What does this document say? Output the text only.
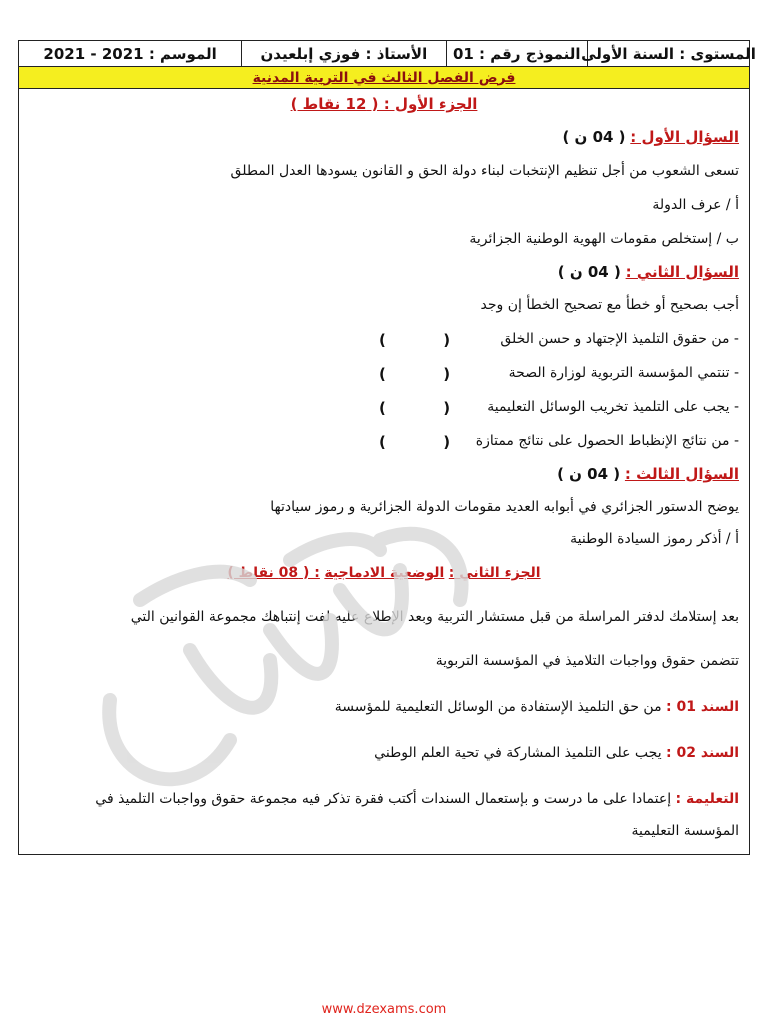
المستوى : السنة الأولى
النموذج رقم : 01
الأستاذ : فوزي إبلعيدن
الموسم : 2021 - 2021
فرض الفصل الثالث في التربية المدنية
الجزء الأول : ( 12 نقاط )
السؤال الأول : ( 04 ن )
تسعى الشعوب من أجل تنظيم الإنتخبات لبناء دولة الحق و القانون يسودها العدل المطلق
أ / عرف الدولة
ب / إستخلص مقومات الهوية الوطنية الجزائرية
السؤال الثاني : ( 04 ن )
أجب بصحيح أو خطأ مع تصحيح الخطأ إن وجد
- من حقوق التلميذ الإجتهاد و حسن الخلق
- تنتمي المؤسسة التربوية لوزارة الصحة
- يجب على التلميذ تخريب الوسائل التعليمية
- من نتائج الإنظباط الحصول على نتائج ممتازة
(           )
(           )
(           )
(           )
السؤال الثالث : ( 04 ن )
يوضح الدستور الجزائري في أبوابه العديد مقومات الدولة الجزائرية و رموز سيادتها
أ / أذكر رموز السيادة الوطنية
الجزء الثاني : الوضعية الادماجية : ( 08 نقاط )
بعد إستلامك لدفتر المراسلة من قبل مستشار التربية وبعد الإطلاع عليه لفت إنتباهك مجموعة القوانين التي
تتضمن حقوق وواجبات التلاميذ في المؤسسة التربوية
السند 01 : من حق التلميذ الإستفادة من الوسائل التعليمية للمؤسسة
السند 02 : يجب على التلميذ المشاركة في تحية العلم الوطني
التعليمة : إعتمادا على ما درست و بإستعمال السندات أكتب فقرة تذكر فيه مجموعة حقوق وواجبات التلميذ في
المؤسسة التعليمية
www.dzexams.com
